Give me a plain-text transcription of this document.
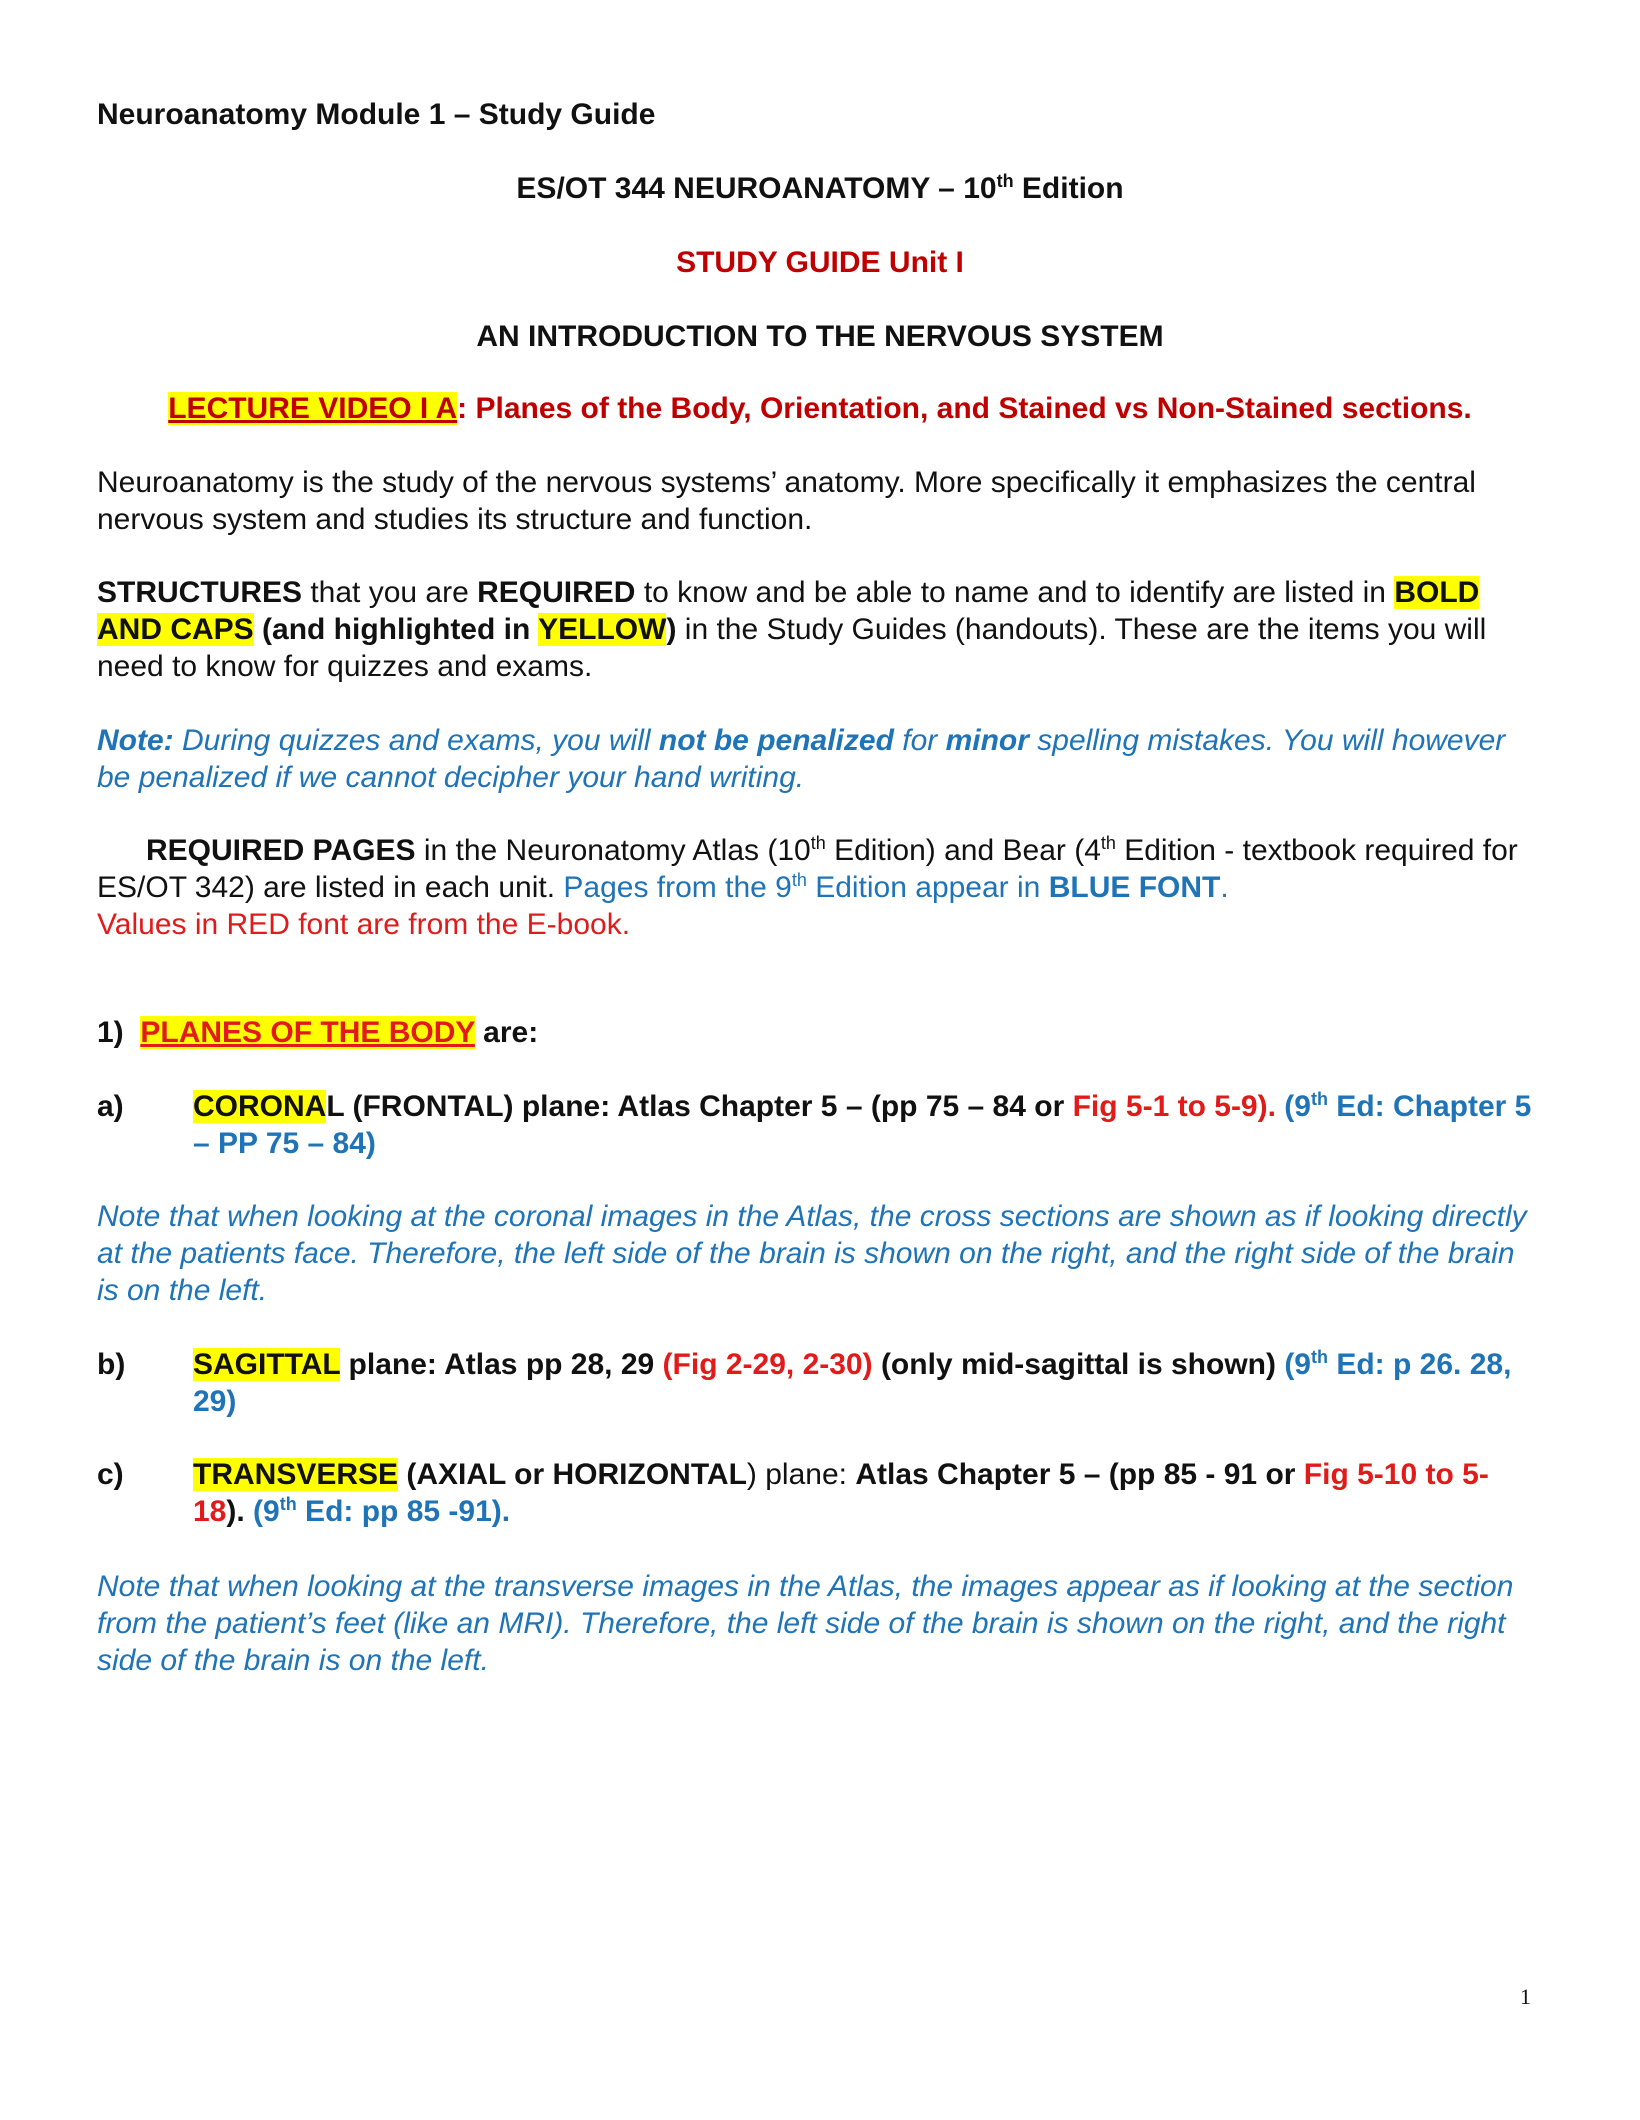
Neuroanatomy Module 1 – Study Guide
ES/OT 344 NEUROANATOMY – 10th Edition
STUDY GUIDE Unit I
AN INTRODUCTION TO THE NERVOUS SYSTEM
LECTURE VIDEO I A: Planes of the Body, Orientation, and Stained vs Non-Stained sections.
Neuroanatomy is the study of the nervous systems’ anatomy. More specifically it emphasizes the central nervous system and studies its structure and function.
STRUCTURES that you are REQUIRED to know and be able to name and to identify are listed in BOLD AND CAPS (and highlighted in YELLOW) in the Study Guides (handouts). These are the items you will need to know for quizzes and exams.
Note: During quizzes and exams, you will not be penalized for minor spelling mistakes. You will however be penalized if we cannot decipher your hand writing.
REQUIRED PAGES in the Neuronatomy Atlas (10th Edition) and Bear (4th Edition - textbook required for ES/OT 342) are listed in each unit. Pages from the 9th Edition appear in BLUE FONT.
Values in RED font are from the E-book.
1) PLANES OF THE BODY are:
a) CORONAL (FRONTAL) plane: Atlas Chapter 5 – (pp 75 – 84 or Fig 5-1 to 5-9). (9th Ed: Chapter 5 – PP 75 – 84)
Note that when looking at the coronal images in the Atlas, the cross sections are shown as if looking directly at the patients face. Therefore, the left side of the brain is shown on the right, and the right side of the brain is on the left.
b) SAGITTAL plane: Atlas pp 28, 29 (Fig 2-29, 2-30) (only mid-sagittal is shown) (9th Ed: p 26. 28, 29)
c) TRANSVERSE (AXIAL or HORIZONTAL) plane: Atlas Chapter 5 – (pp 85 - 91 or Fig 5-10 to 5-18). (9th Ed: pp 85 -91).
Note that when looking at the transverse images in the Atlas, the images appear as if looking at the section from the patient’s feet (like an MRI). Therefore, the left side of the brain is shown on the right, and the right side of the brain is on the left.
1
